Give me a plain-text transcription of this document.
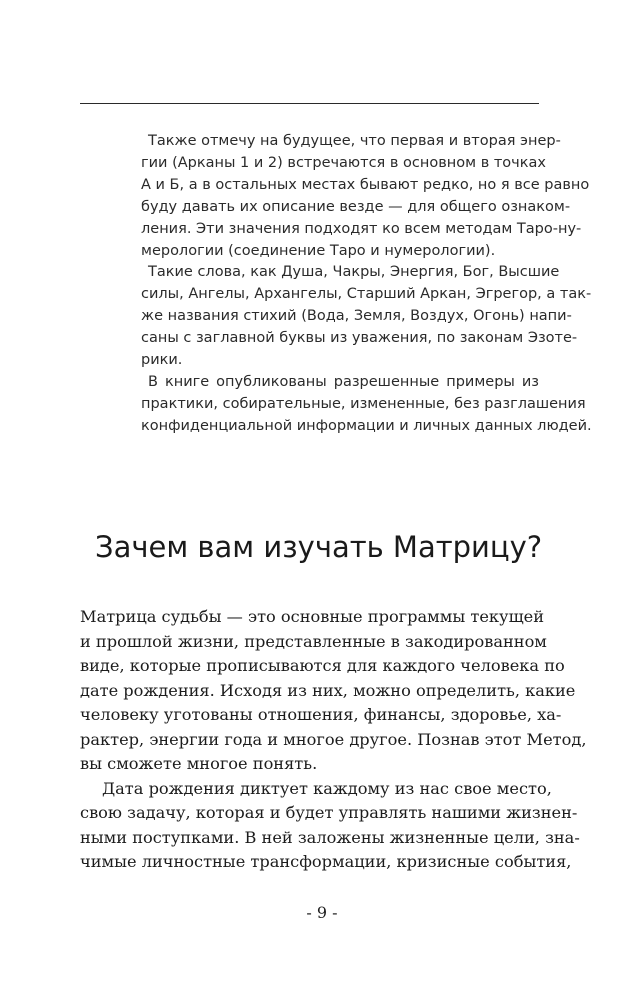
Также отмечу на будущее, что первая и вторая энер-
гии (Арканы 1 и 2) встречаются в основном в точках
А и Б, а в остальных местах бывают редко, но я все равно
буду давать их описание везде — для общего ознаком-
ления. Эти значения подходят ко всем методам Таро-ну-
мерологии (соединение Таро и нумерологии).
Такие слова, как Душа, Чакры, Энергия, Бог, Высшие
силы, Ангелы, Архангелы, Старший Аркан, Эгрегор, а так-
же названия стихий (Вода, Земля, Воздух, Огонь) напи-
саны с заглавной буквы из уважения, по законам Эзоте-
рики.
В книге опубликованы разрешенные примеры из
практики, собирательные, измененные, без разглашения
конфиденциальной информации и личных данных людей.
Зачем вам изучать Матрицу?
Матрица судьбы — это основные программы текущей
и прошлой жизни, представленные в закодированном
виде, которые прописываются для каждого человека по
дате рождения. Исходя из них, можно определить, какие
человеку уготованы отношения, финансы, здоровье, ха-
рактер, энергии года и многое другое. Познав этот Метод,
вы сможете многое понять.
Дата рождения диктует каждому из нас свое место,
свою задачу, которая и будет управлять нашими жизнен-
ными поступками. В ней заложены жизненные цели, зна-
чимые личностные трансформации, кризисные события,
- 9 -
